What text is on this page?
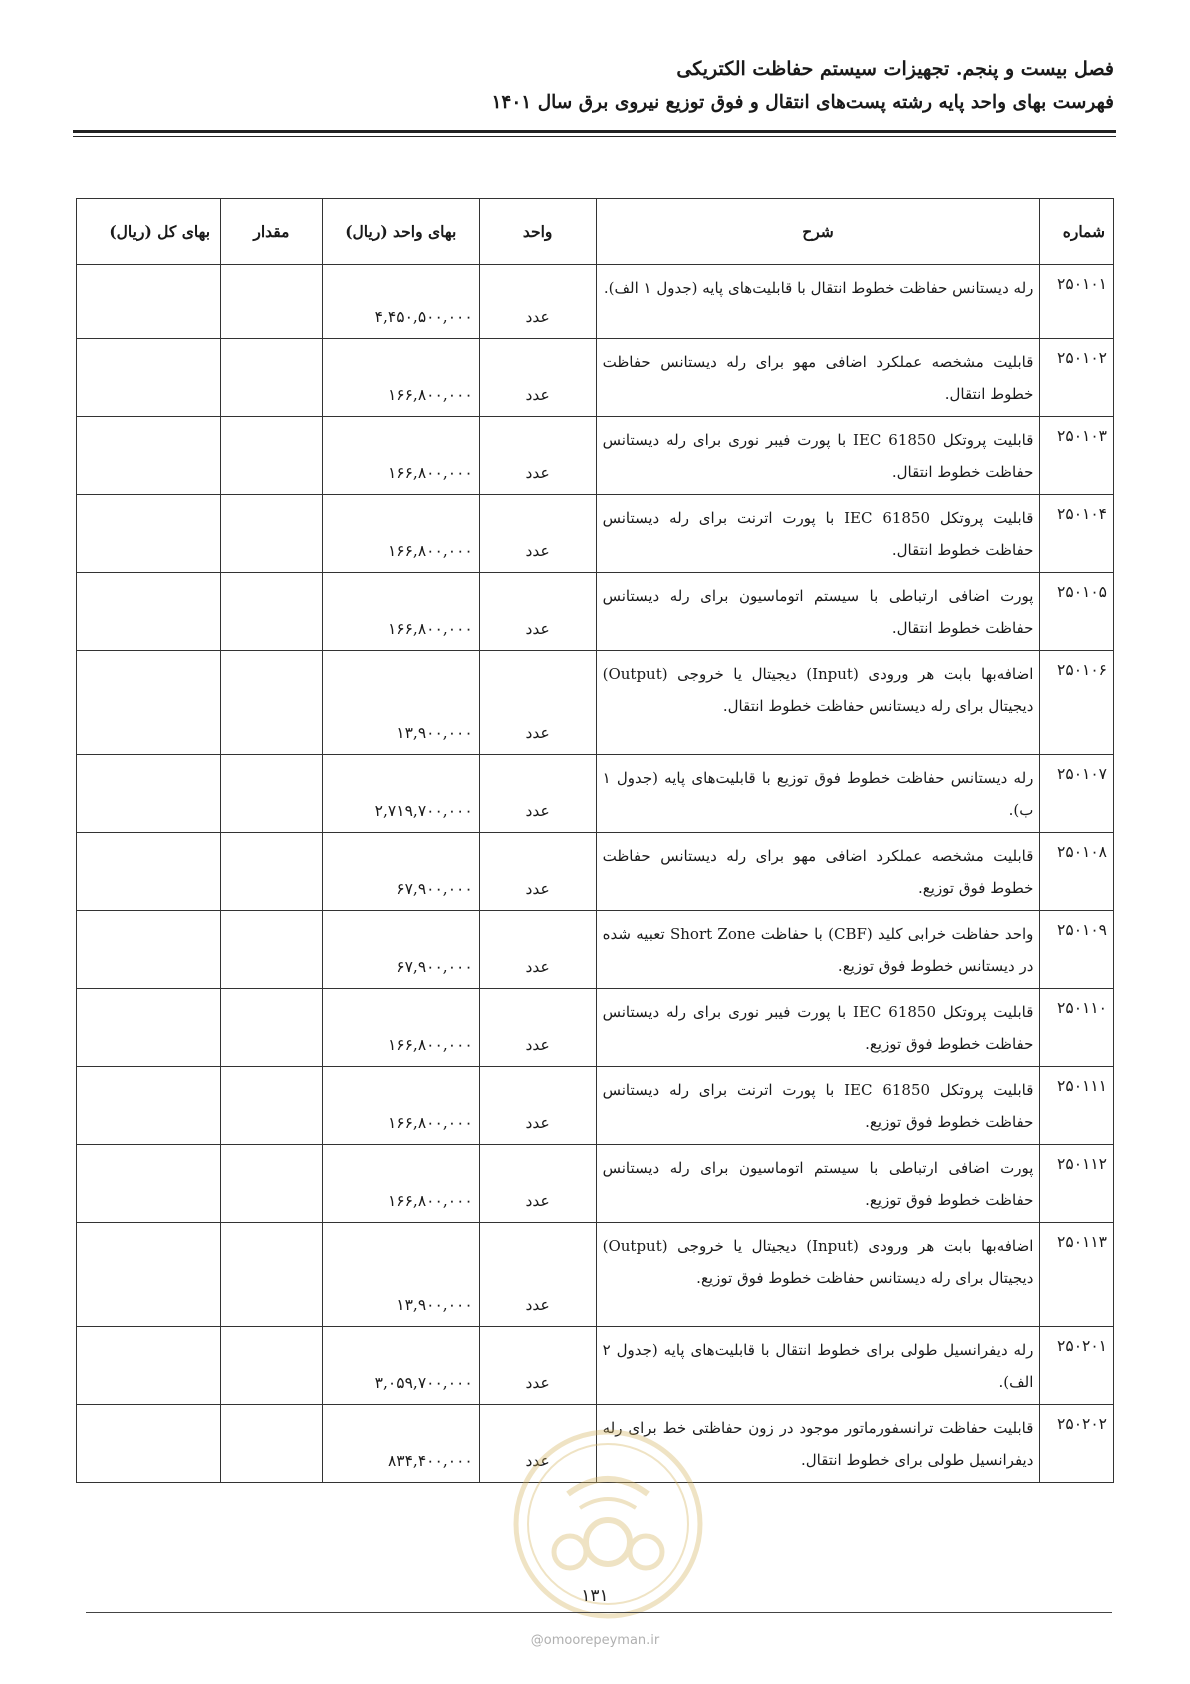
فصل بیست و پنجم. تجهیزات سیستم حفاظت الکتریکی
فهرست بهای واحد پایه رشته پست‌های انتقال و فوق توزیع نیروی برق سال ۱۴۰۱
شماره	شرح	واحد	بهای واحد (ریال)	مقدار	بهای کل (ریال)
۲۵۰۱۰۱	رله دیستانس حفاظت خطوط انتقال با قابلیت‌های پایه (جدول ۱ الف).	عدد	۴,۴۵۰,۵۰۰,۰۰۰		
۲۵۰۱۰۲	قابلیت مشخصه عملکرد اضافی مهو برای رله دیستانس حفاظت خطوط انتقال.	عدد	۱۶۶,۸۰۰,۰۰۰		
۲۵۰۱۰۳	قابلیت پروتکل IEC 61850 با پورت فیبر نوری برای رله دیستانس حفاظت خطوط انتقال.	عدد	۱۶۶,۸۰۰,۰۰۰		
۲۵۰۱۰۴	قابلیت پروتکل IEC 61850 با پورت اترنت برای رله دیستانس حفاظت خطوط انتقال.	عدد	۱۶۶,۸۰۰,۰۰۰		
۲۵۰۱۰۵	پورت اضافی ارتباطی با سیستم اتوماسیون برای رله دیستانس حفاظت خطوط انتقال.	عدد	۱۶۶,۸۰۰,۰۰۰		
۲۵۰۱۰۶	اضافه‌بها بابت هر ورودی (Input) دیجیتال یا خروجی (Output) دیجیتال برای رله دیستانس حفاظت خطوط انتقال.	عدد	۱۳,۹۰۰,۰۰۰		
۲۵۰۱۰۷	رله دیستانس حفاظت خطوط فوق توزیع با قابلیت‌های پایه (جدول ۱ ب).	عدد	۲,۷۱۹,۷۰۰,۰۰۰		
۲۵۰۱۰۸	قابلیت مشخصه عملکرد اضافی مهو برای رله دیستانس حفاظت خطوط فوق توزیع.	عدد	۶۷,۹۰۰,۰۰۰		
۲۵۰۱۰۹	واحد حفاظت خرابی کلید (CBF) با حفاظت Short Zone تعبیه شده در دیستانس خطوط فوق توزیع.	عدد	۶۷,۹۰۰,۰۰۰		
۲۵۰۱۱۰	قابلیت پروتکل IEC 61850 با پورت فیبر نوری برای رله دیستانس حفاظت خطوط فوق توزیع.	عدد	۱۶۶,۸۰۰,۰۰۰		
۲۵۰۱۱۱	قابلیت پروتکل IEC 61850 با پورت اترنت برای رله دیستانس حفاظت خطوط فوق توزیع.	عدد	۱۶۶,۸۰۰,۰۰۰		
۲۵۰۱۱۲	پورت اضافی ارتباطی با سیستم اتوماسیون برای رله دیستانس حفاظت خطوط فوق توزیع.	عدد	۱۶۶,۸۰۰,۰۰۰		
۲۵۰۱۱۳	اضافه‌بها بابت هر ورودی (Input) دیجیتال یا خروجی (Output) دیجیتال برای رله دیستانس حفاظت خطوط فوق توزیع.	عدد	۱۳,۹۰۰,۰۰۰		
۲۵۰۲۰۱	رله دیفرانسیل طولی برای خطوط انتقال با قابلیت‌های پایه (جدول ۲ الف).	عدد	۳,۰۵۹,۷۰۰,۰۰۰		
۲۵۰۲۰۲	قابلیت حفاظت ترانسفورماتور موجود در زون حفاظتی خط برای رله دیفرانسیل طولی برای خطوط انتقال.	عدد	۸۳۴,۴۰۰,۰۰۰		
۱۳۱
@omoorepeyman.ir
